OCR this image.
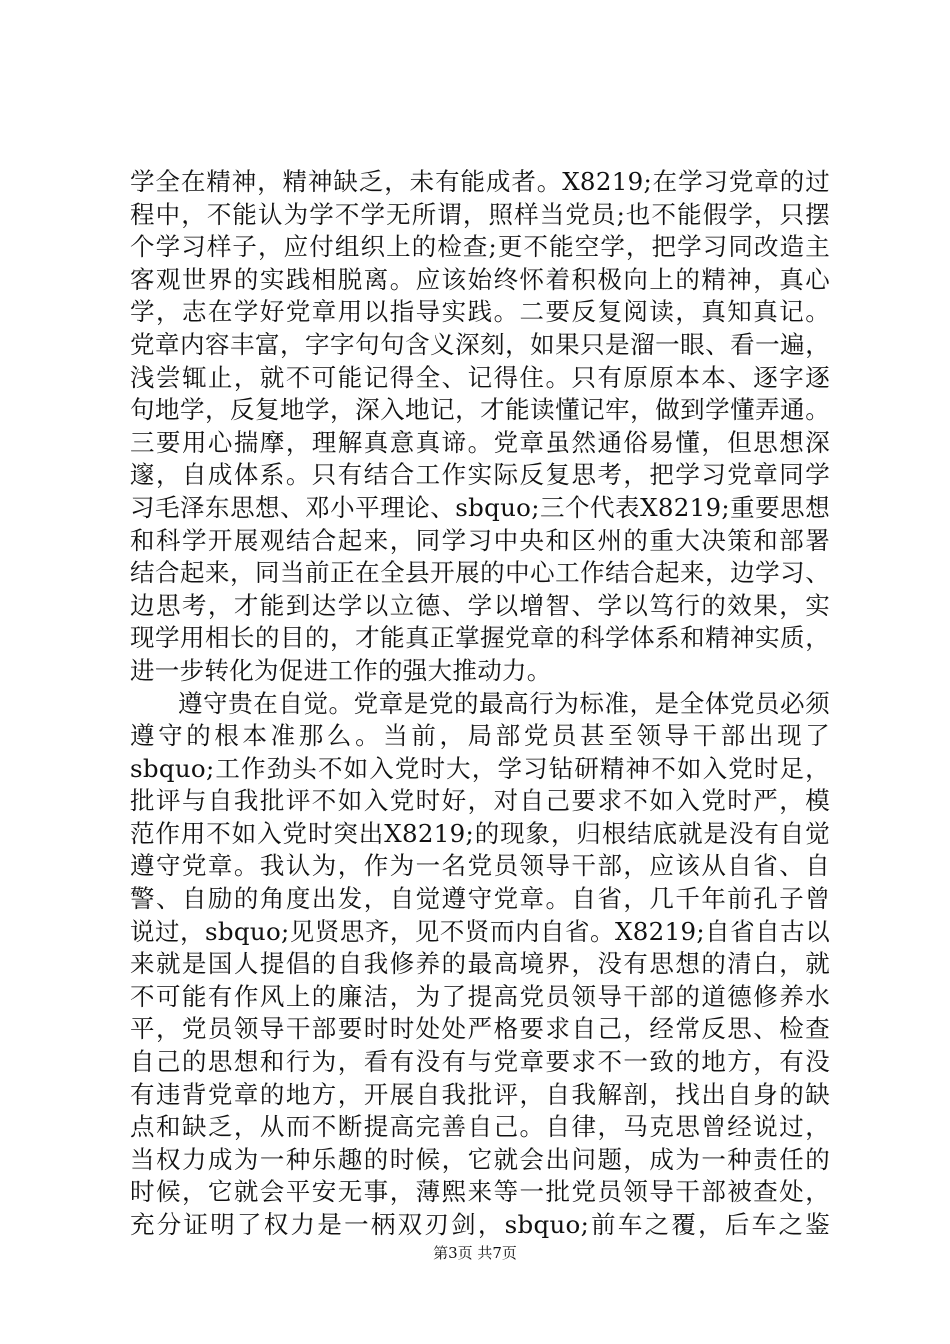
学全在精神，精神缺乏，未有能成者。X8219;在学习党章的过
程中，不能认为学不学无所谓，照样当党员;也不能假学，只摆
个学习样子，应付组织上的检查;更不能空学，把学习同改造主
客观世界的实践相脱离。应该始终怀着积极向上的精神，真心
学，志在学好党章用以指导实践。二要反复阅读，真知真记。
党章内容丰富，字字句句含义深刻，如果只是溜一眼、看一遍，
浅尝辄止，就不可能记得全、记得住。只有原原本本、逐字逐
句地学，反复地学，深入地记，才能读懂记牢，做到学懂弄通。
三要用心揣摩，理解真意真谛。党章虽然通俗易懂，但思想深
邃，自成体系。只有结合工作实际反复思考，把学习党章同学
习毛泽东思想、邓小平理论、sbquo;三个代表X8219;重要思想
和科学开展观结合起来，同学习中央和区州的重大决策和部署
结合起来，同当前正在全县开展的中心工作结合起来，边学习、
边思考，才能到达学以立德、学以增智、学以笃行的效果，实
现学用相长的目的，才能真正掌握党章的科学体系和精神实质，
进一步转化为促进工作的强大推动力。
遵守贵在自觉。党章是党的最高行为标准，是全体党员必须
遵守的根本准那么。当前，局部党员甚至领导干部出现了
sbquo;工作劲头不如入党时大，学习钻研精神不如入党时足，
批评与自我批评不如入党时好，对自己要求不如入党时严，模
范作用不如入党时突出X8219;的现象，归根结底就是没有自觉
遵守党章。我认为，作为一名党员领导干部，应该从自省、自
警、自励的角度出发，自觉遵守党章。自省，几千年前孔子曾
说过，sbquo;见贤思齐，见不贤而内自省。X8219;自省自古以
来就是国人提倡的自我修养的最高境界，没有思想的清白，就
不可能有作风上的廉洁，为了提高党员领导干部的道德修养水
平，党员领导干部要时时处处严格要求自己，经常反思、检查
自己的思想和行为，看有没有与党章要求不一致的地方，有没
有违背党章的地方，开展自我批评，自我解剖，找出自身的缺
点和缺乏，从而不断提高完善自己。自律，马克思曾经说过，
当权力成为一种乐趣的时候，它就会出问题，成为一种责任的
时候，它就会平安无事，薄熙来等一批党员领导干部被查处，
充分证明了权力是一柄双刃剑，sbquo;前车之覆，后车之鉴
第3页 共7页
